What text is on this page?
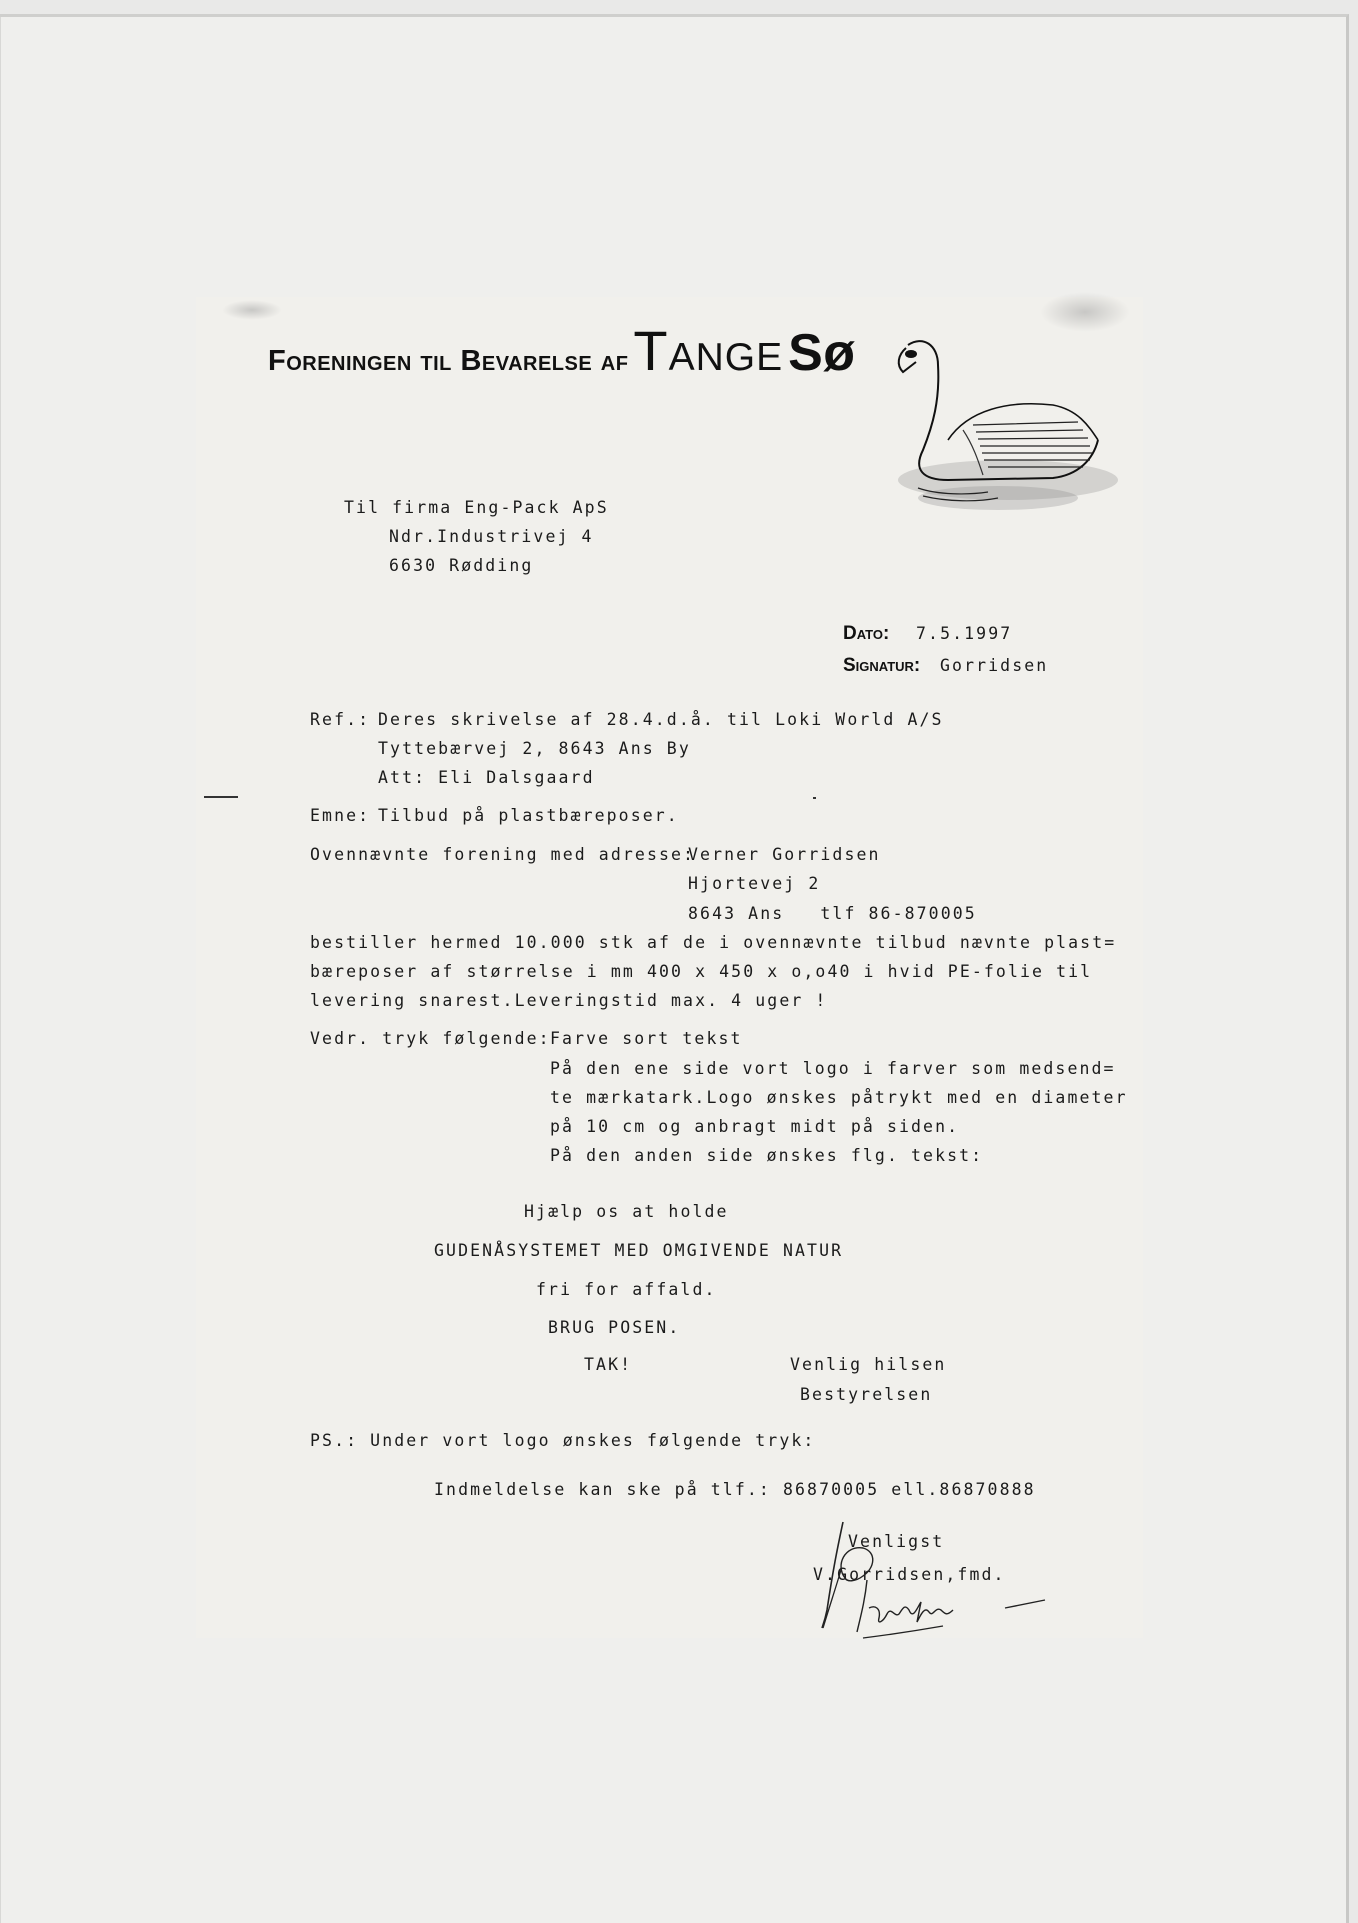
Foreningen til Bevarelse af Tange Sø
Til firma Eng-Pack ApS
Ndr.Industrivej 4
6630 Rødding
Dato: 7.5.1997
Signatur: Gorridsen
Ref.: Deres skrivelse af 28.4.d.å. til Loki World A/S
Tyttebærvej 2, 8643 Ans By
Att: Eli Dalsgaard
Emne: Tilbud på plastbæreposer.
Ovennævnte forening med adresse:
Verner Gorridsen
Hjortevej 2
8643 Ans   tlf 86-870005
bestiller hermed 10.000 stk af de i ovennævnte tilbud nævnte plast=
bæreposer af størrelse i mm 400 x 450 x o,o40 i hvid PE-folie til
levering snarest.Leveringstid max. 4 uger !
Vedr. tryk følgende: Farve sort tekst
På den ene side vort logo i farver som medsend=
te mærkatark.Logo ønskes påtrykt med en diameter
på 10 cm og anbragt midt på siden.
På den anden side ønskes flg. tekst:
Hjælp os at holde
GUDENÅSYSTEMET MED OMGIVENDE NATUR
fri for affald.
BRUG POSEN.
TAK!	Venlig hilsen
Bestyrelsen
PS.: Under vort logo ønskes følgende tryk:
Indmeldelse kan ske på tlf.: 86870005 ell.86870888
Venligst
V.Gorridsen,fmd.
